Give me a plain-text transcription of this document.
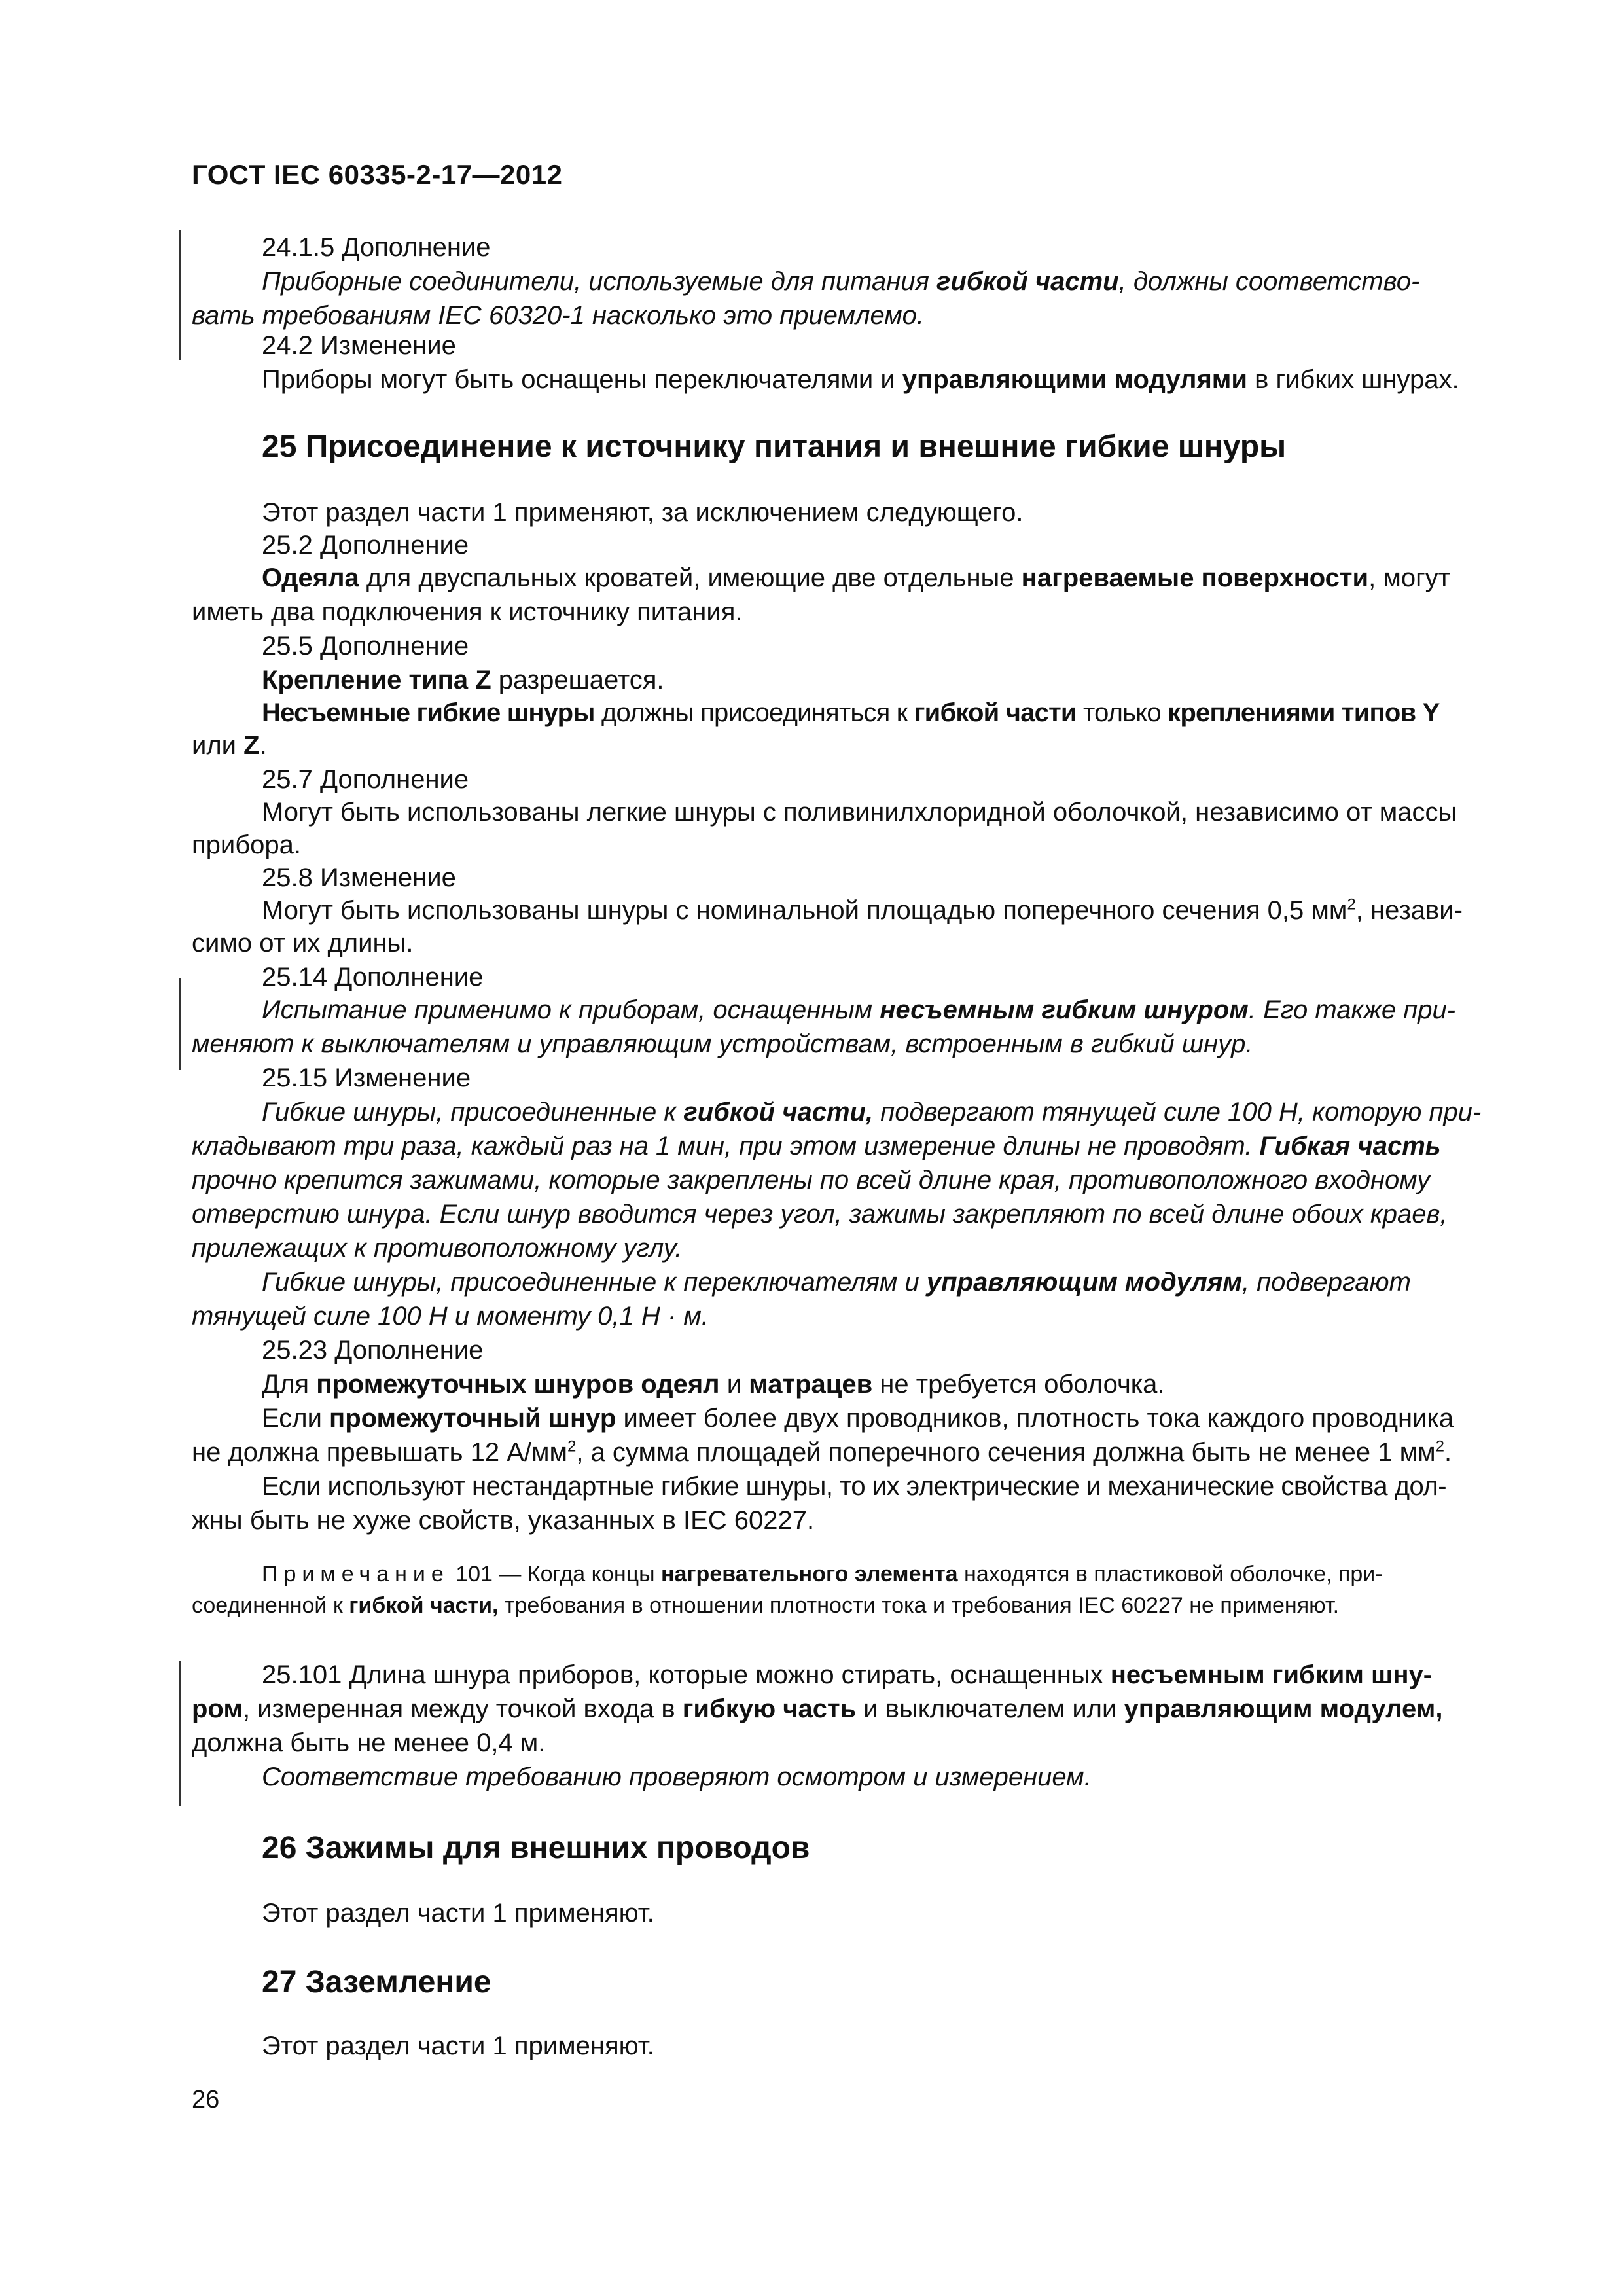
ГОСТ IEC 60335-2-17—2012
24.1.5 Дополнение
Приборные соединители, используемые для питания гибкой части, должны соответство-
вать требованиям IEC 60320-1 насколько это приемлемо.
24.2 Изменение
Приборы могут быть оснащены переключателями и управляющими модулями в гибких шнурах.
25 Присоединение к источнику питания и внешние гибкие шнуры
Этот раздел части 1 применяют, за исключением следующего.
25.2 Дополнение
Одеяла для двуспальных кроватей, имеющие две отдельные нагреваемые поверхности, могут
иметь два подключения к источнику питания.
25.5 Дополнение
Крепление типа Z разрешается.
Несъемные гибкие шнуры должны присоединяться к гибкой части только креплениями типов Y
или Z.
25.7 Дополнение
Могут быть использованы легкие шнуры с поливинилхлоридной оболочкой, независимо от массы
прибора.
25.8 Изменение
Могут быть использованы шнуры с номинальной площадью поперечного сечения 0,5 $мм^2$, незави-
симо от их длины.
25.14 Дополнение
Испытание применимо к приборам, оснащенным несъемным гибким шнуром. Его также при-
меняют к выключателям и управляющим устройствам, встроенным в гибкий шнур.
25.15 Изменение
Гибкие шнуры, присоединенные к гибкой части, подвергают тянущей силе 100 Н, которую при-
кладывают три раза, каждый раз на 1 мин, при этом измерение длины не проводят. Гибкая часть
прочно крепится зажимами, которые закреплены по всей длине края, противоположного входному
отверстию шнура. Если шнур вводится через угол, зажимы закрепляют по всей длине обоих краев,
прилежащих к противоположному углу.
Гибкие шнуры, присоединенные к переключателям и управляющим модулям, подвергают
тянущей силе 100 Н и моменту 0,1 Н · м.
25.23 Дополнение
Для промежуточных шнуров одеял и матрацев не требуется оболочка.
Если промежуточный шнур имеет более двух проводников, плотность тока каждого проводника
не должна превышать 12 $А/мм^2$, а сумма площадей поперечного сечения должна быть не менее 1 $мм^2$.
Если используют нестандартные гибкие шнуры, то их электрические и механические свойства дол-
жны быть не хуже свойств, указанных в IEC 60227.
Примечание 101 — Когда концы нагревательного элемента находятся в пластиковой оболочке, при-
соединенной к гибкой части, требования в отношении плотности тока и требования IEC 60227 не применяют.
25.101 Длина шнура приборов, которые можно стирать, оснащенных несъемным гибким шну-
ром, измеренная между точкой входа в гибкую часть и выключателем или управляющим модулем,
должна быть не менее 0,4 м.
Соответствие требованию проверяют осмотром и измерением.
26 Зажимы для внешних проводов
Этот раздел части 1 применяют.
27 Заземление
Этот раздел части 1 применяют.
26
